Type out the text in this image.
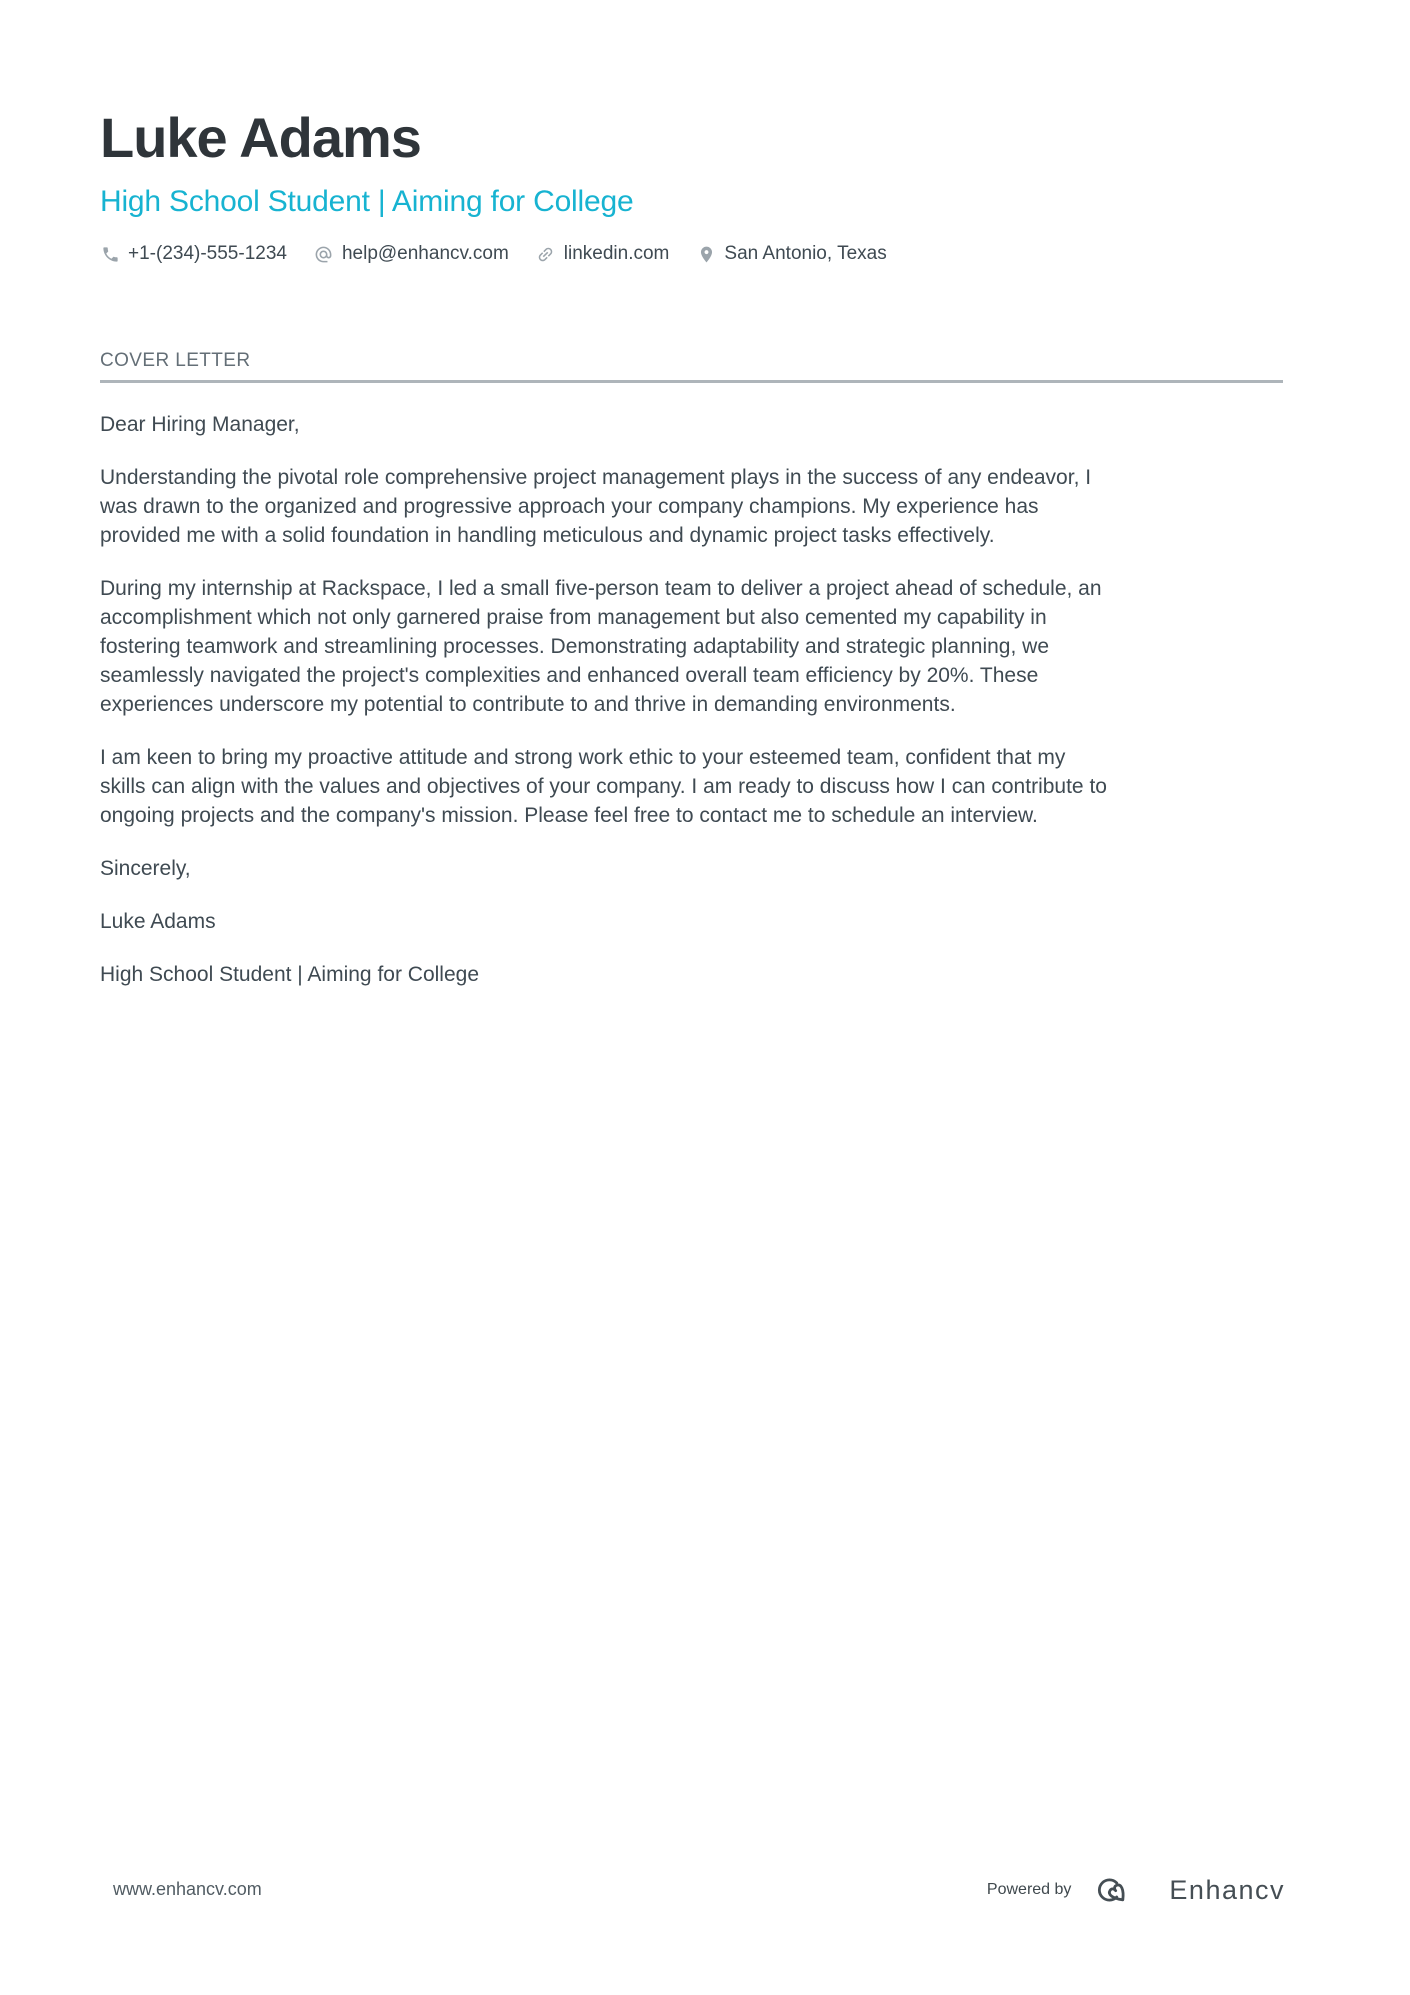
Luke Adams
High School Student | Aiming for College
+1-(234)-555-1234	help@enhancv.com	linkedin.com	San Antonio, Texas
COVER LETTER

Dear Hiring Manager,

Understanding the pivotal role comprehensive project management plays in the success of any endeavor, I
was drawn to the organized and progressive approach your company champions. My experience has
provided me with a solid foundation in handling meticulous and dynamic project tasks effectively.

During my internship at Rackspace, I led a small five-person team to deliver a project ahead of schedule, an
accomplishment which not only garnered praise from management but also cemented my capability in
fostering teamwork and streamlining processes. Demonstrating adaptability and strategic planning, we
seamlessly navigated the project's complexities and enhanced overall team efficiency by 20%. These
experiences underscore my potential to contribute to and thrive in demanding environments.

I am keen to bring my proactive attitude and strong work ethic to your esteemed team, confident that my
skills can align with the values and objectives of your company. I am ready to discuss how I can contribute to
ongoing projects and the company's mission. Please feel free to contact me to schedule an interview.

Sincerely,

Luke Adams

High School Student | Aiming for College

www.enhancv.com	Powered by	Enhancv
